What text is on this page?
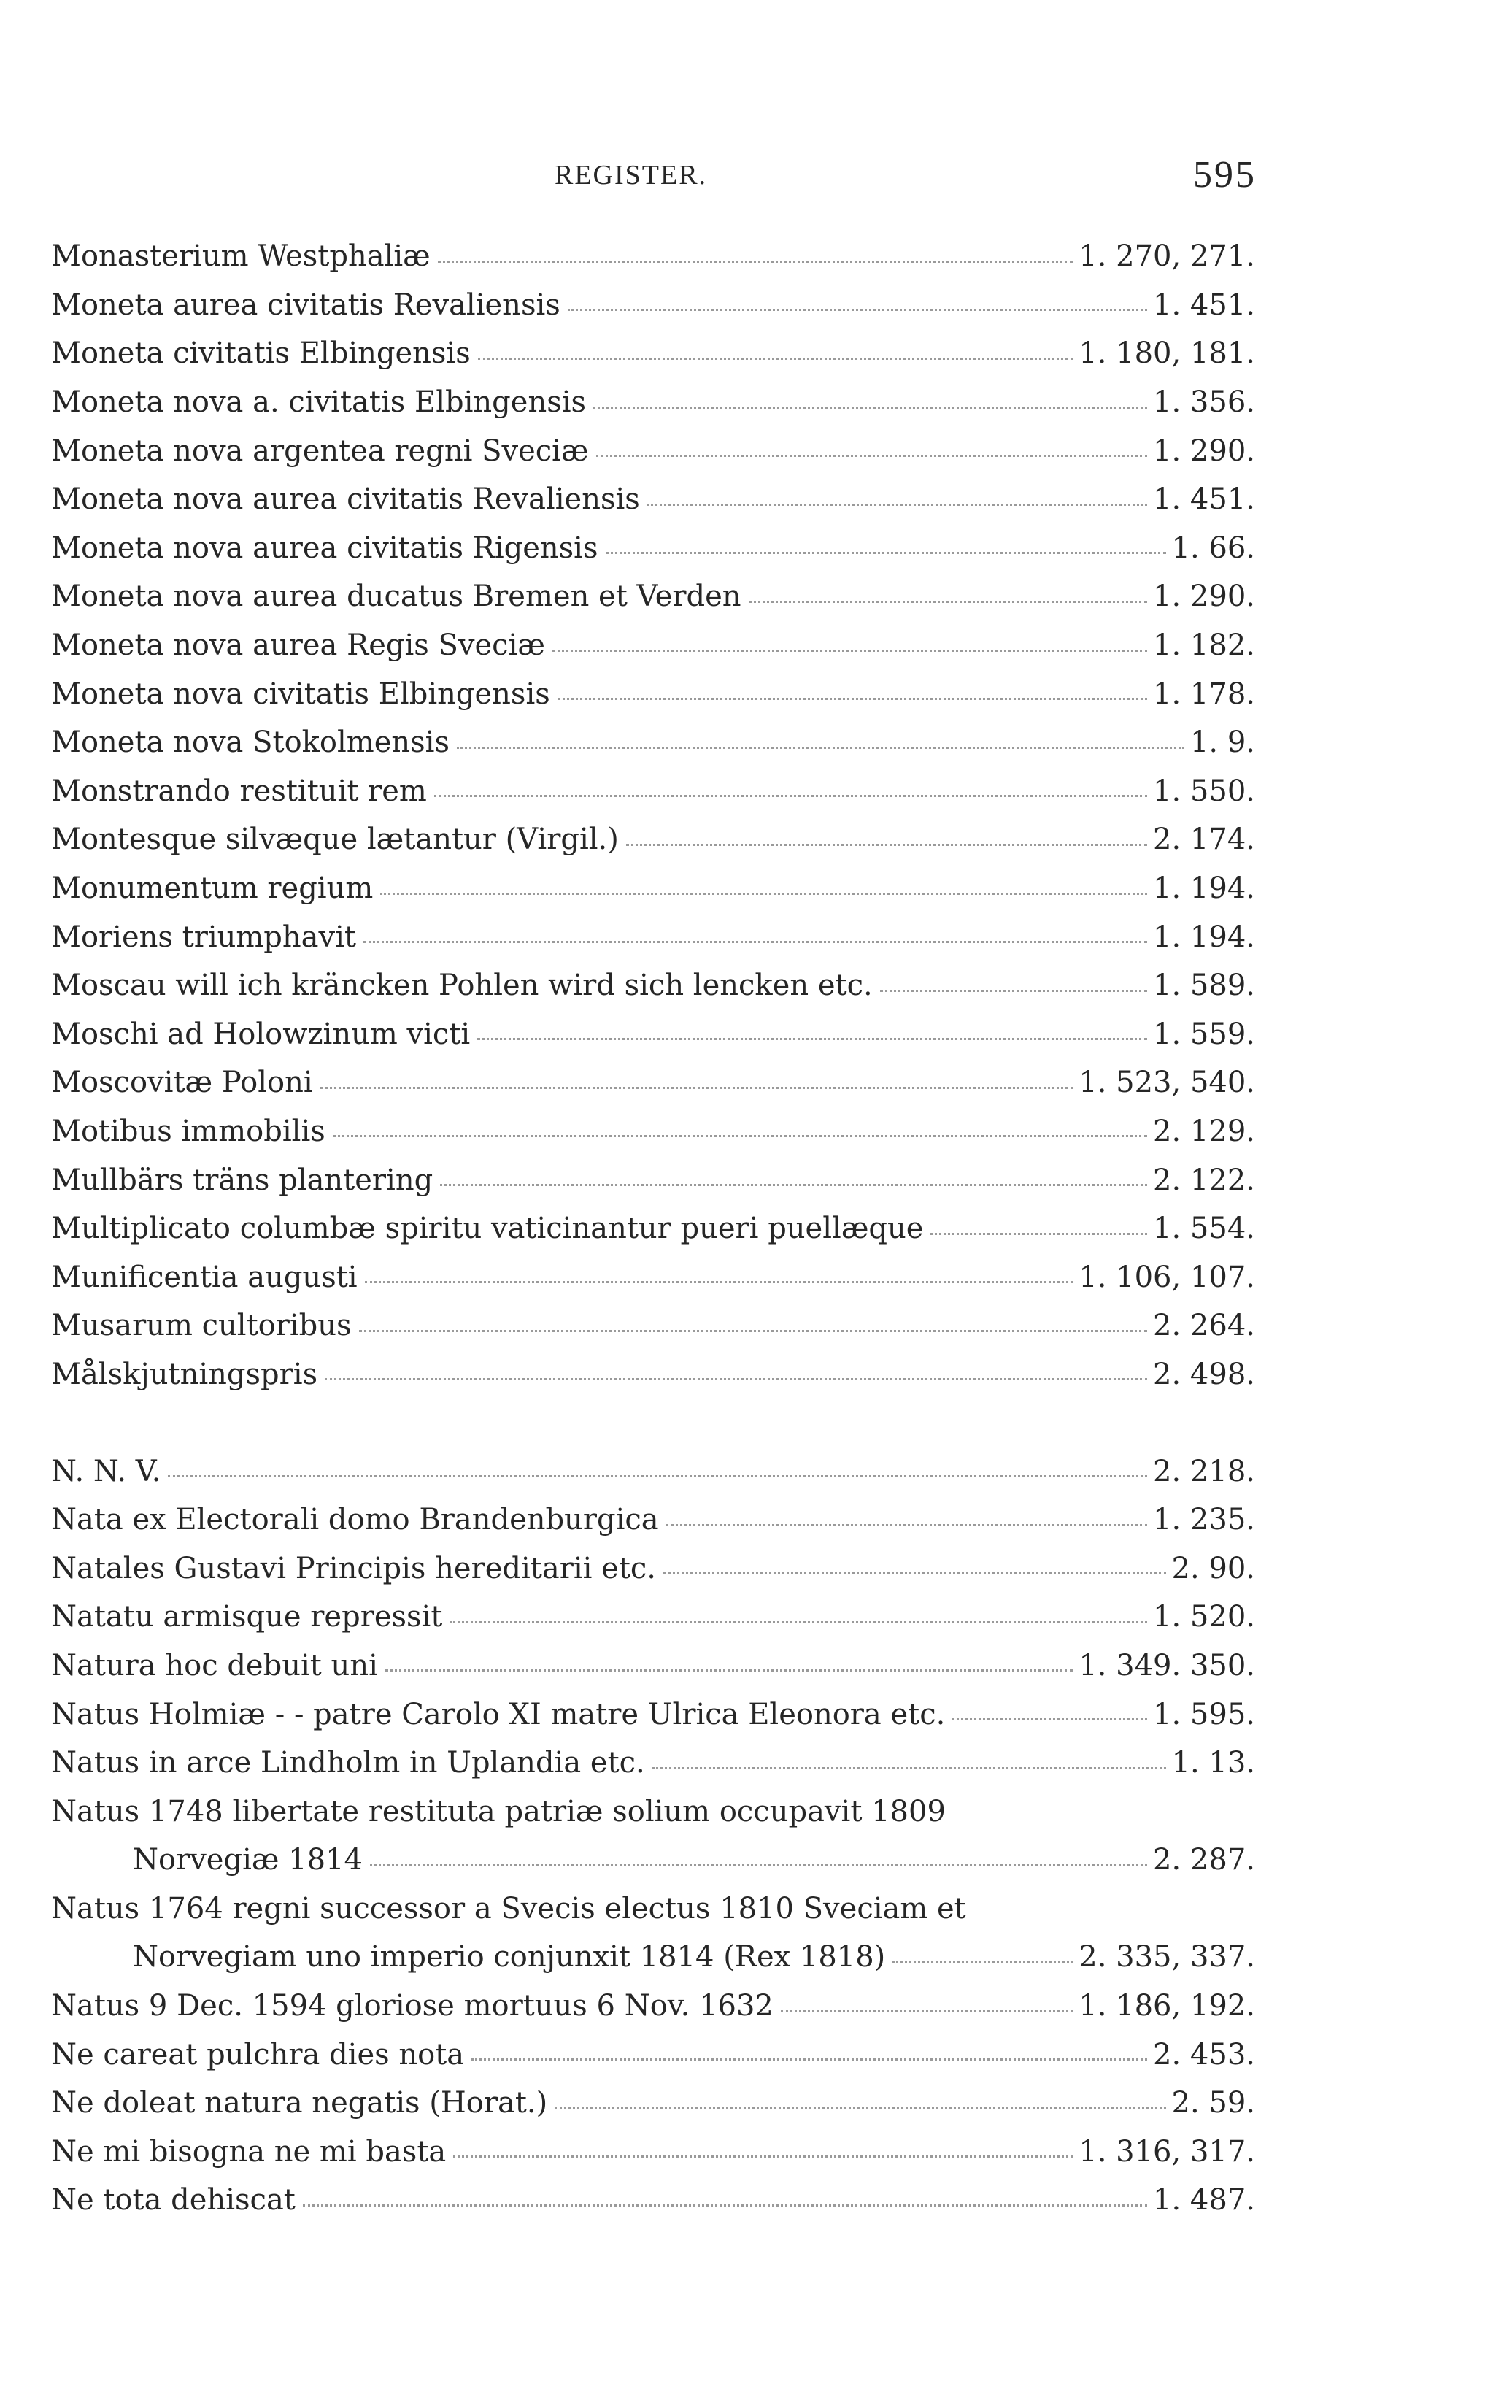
REGISTER.	595
Monasterium Westphaliæ	1. 270, 271.
Moneta aurea civitatis Revaliensis	1. 451.
Moneta civitatis Elbingensis	1. 180, 181.
Moneta nova a. civitatis Elbingensis	1. 356.
Moneta nova argentea regni Sveciæ	1. 290.
Moneta nova aurea civitatis Revaliensis	1. 451.
Moneta nova aurea civitatis Rigensis	1. 66.
Moneta nova aurea ducatus Bremen et Verden	1. 290.
Moneta nova aurea Regis Sveciæ	1. 182.
Moneta nova civitatis Elbingensis	1. 178.
Moneta nova Stokolmensis	1. 9.
Monstrando restituit rem	1. 550.
Montesque silvæque lætantur (Virgil.)	2. 174.
Monumentum regium	1. 194.
Moriens triumphavit	1. 194.
Moscau will ich kräncken Pohlen wird sich lencken etc.	1. 589.
Moschi ad Holowzinum victi	1. 559.
Moscovitæ Poloni	1. 523, 540.
Motibus immobilis	2. 129.
Mullbärs träns plantering	2. 122.
Multiplicato columbæ spiritu vaticinantur pueri puellæque	1. 554.
Munificentia augusti	1. 106, 107.
Musarum cultoribus	2. 264.
Målskjutningspris	2. 498.
N. N. V.	2. 218.
Nata ex Electorali domo Brandenburgica	1. 235.
Natales Gustavi Principis hereditarii etc.	2. 90.
Natatu armisque repressit	1. 520.
Natura hoc debuit uni	1. 349. 350.
Natus Holmiæ - - patre Carolo XI matre Ulrica Eleonora etc.	1. 595.
Natus in arce Lindholm in Uplandia etc.	1. 13.
Natus 1748 libertate restituta patriæ solium occupavit 1809
Norvegiæ 1814	2. 287.
Natus 1764 regni successor a Svecis electus 1810 Sveciam et
Norvegiam uno imperio conjunxit 1814 (Rex 1818)	2. 335, 337.
Natus 9 Dec. 1594 gloriose mortuus 6 Nov. 1632	1. 186, 192.
Ne careat pulchra dies nota	2. 453.
Ne doleat natura negatis (Horat.)	2. 59.
Ne mi bisogna ne mi basta	1. 316, 317.
Ne tota dehiscat	1. 487.
